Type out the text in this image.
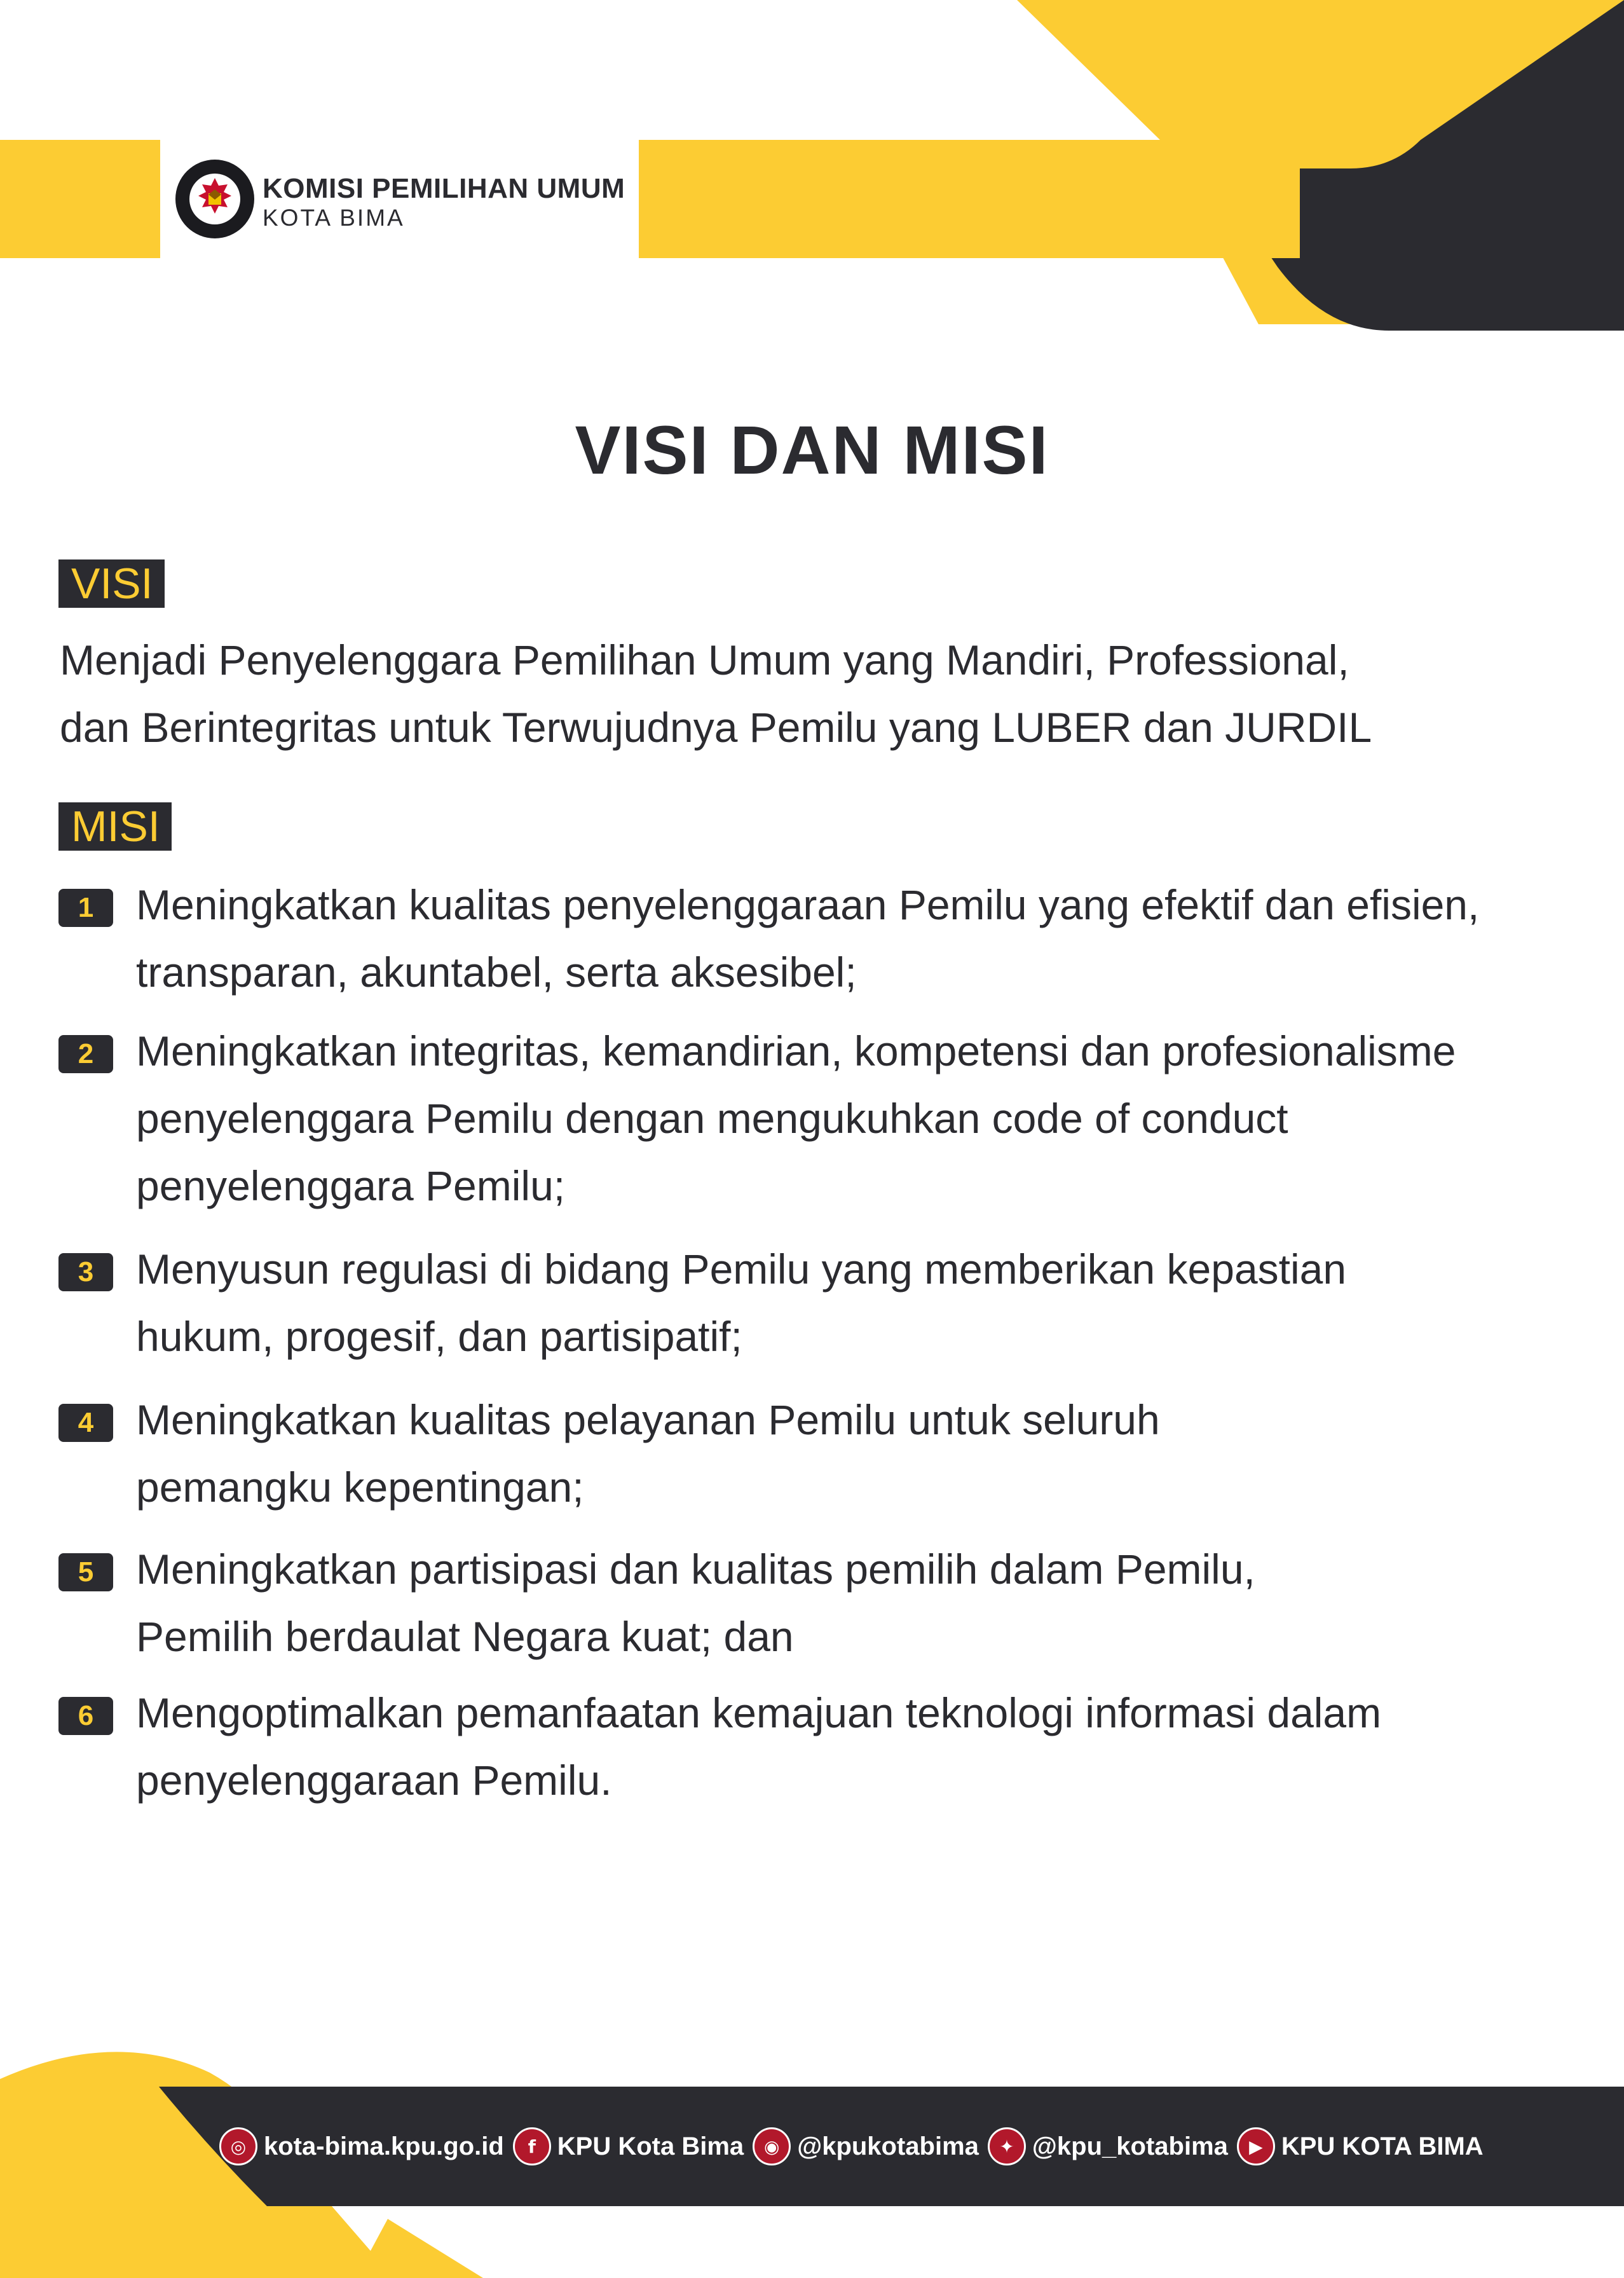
KOMISI PEMILIHAN UMUM
KOTA BIMA
VISI DAN MISI
VISI
Menjadi Penyelenggara Pemilihan Umum yang Mandiri, Professional,
dan Berintegritas untuk Terwujudnya Pemilu yang LUBER dan JURDIL
MISI
1	Meningkatkan kualitas penyelenggaraan Pemilu yang efektif dan efisien,
transparan, akuntabel, serta aksesibel;
2	Meningkatkan integritas, kemandirian, kompetensi dan profesionalisme
penyelenggara Pemilu dengan mengukuhkan code of conduct
penyelenggara Pemilu;
3	Menyusun regulasi di bidang Pemilu yang memberikan kepastian
hukum, progesif, dan partisipatif;
4	Meningkatkan kualitas pelayanan Pemilu untuk seluruh
pemangku kepentingan;
5	Meningkatkan partisipasi dan kualitas pemilih dalam Pemilu,
Pemilih berdaulat Negara kuat; dan
6	Mengoptimalkan pemanfaatan kemajuan teknologi informasi dalam
penyelenggaraan Pemilu.
◎ kota-bima.kpu.go.id	f KPU Kota Bima	◉ @kpukotabima	✦ @kpu_kotabima	▶ KPU KOTA BIMA
